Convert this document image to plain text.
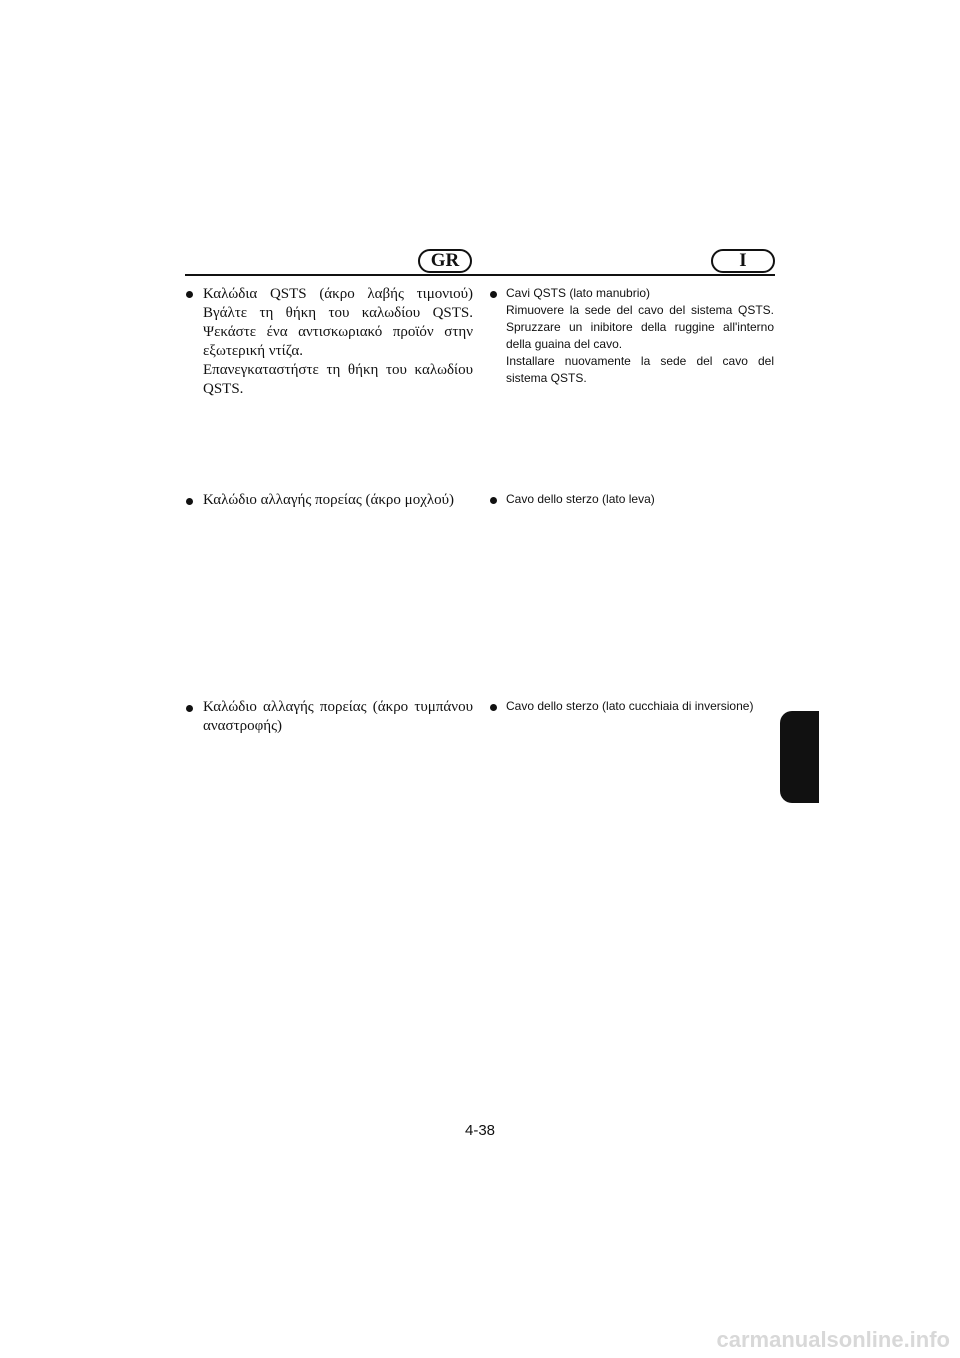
GR	I
Καλώδια QSTS (άκρο λαβής τιμονιού)
Βγάλτε τη θήκη του καλωδίου QSTS.
Ψεκάστε ένα αντισκωριακό προϊόν στην
εξωτερική ντίζα.
Επανεγκαταστήστε τη θήκη του καλωδίου
QSTS.
Καλώδιο αλλαγής πορείας (άκρο μοχλού)
Καλώδιο αλλαγής πορείας (άκρο τυμπάνου
αναστροφής)
Cavi QSTS (lato manubrio)
Rimuovere la sede del cavo del sistema QSTS.
Spruzzare un inibitore della ruggine all'interno
della guaina del cavo.
Installare nuovamente la sede del cavo del
sistema QSTS.
Cavo dello sterzo (lato leva)
Cavo dello sterzo (lato cucchiaia di inversione)
4-38
carmanualsonline.info
